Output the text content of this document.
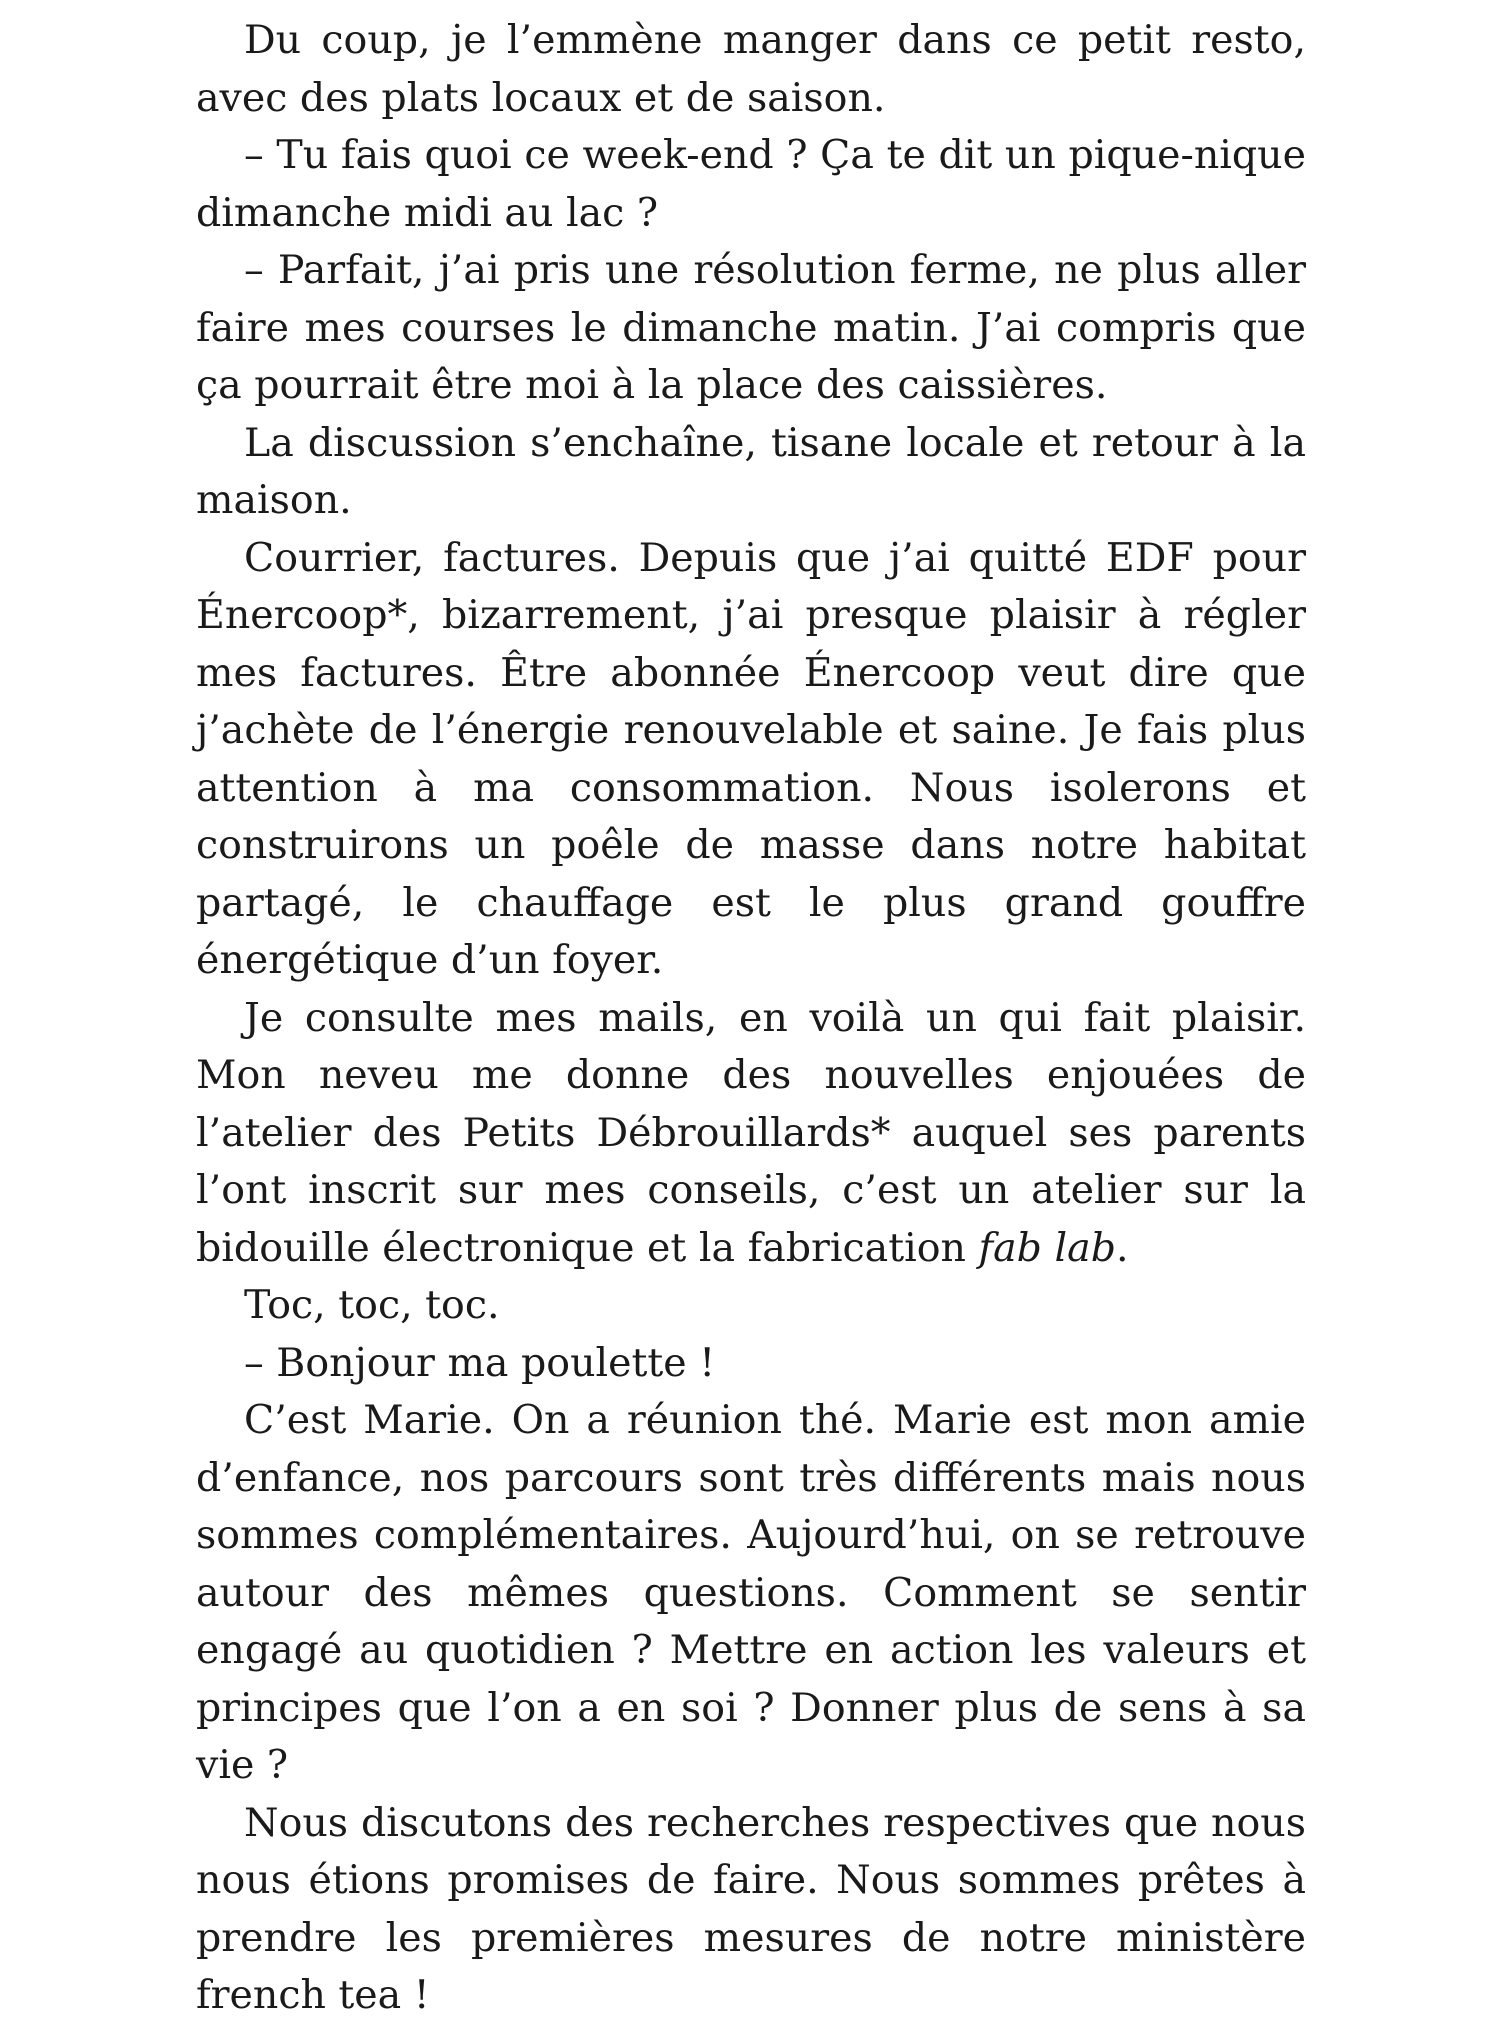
Du coup, je l’emmène manger dans ce petit resto, avec des plats locaux et de saison.

– Tu fais quoi ce week-end ? Ça te dit un pique-nique dimanche midi au lac ?

– Parfait, j’ai pris une résolution ferme, ne plus aller faire mes courses le dimanche matin. J’ai compris que ça pourrait être moi à la place des caissières.

La discussion s’enchaîne, tisane locale et retour à la maison.

Courrier, factures. Depuis que j’ai quitté EDF pour Énercoop*, bizarrement, j’ai presque plaisir à régler mes factures. Être abonnée Énercoop veut dire que j’achète de l’énergie renouvelable et saine. Je fais plus attention à ma consommation. Nous isolerons et construirons un poêle de masse dans notre habitat partagé, le chauffage est le plus grand gouffre énergétique d’un foyer.

Je consulte mes mails, en voilà un qui fait plaisir. Mon neveu me donne des nouvelles enjouées de l’atelier des Petits Débrouillards* auquel ses parents l’ont inscrit sur mes conseils, c’est un atelier sur la bidouille électronique et la fabrication fab lab.

Toc, toc, toc.

– Bonjour ma poulette !

C’est Marie. On a réunion thé. Marie est mon amie d’enfance, nos parcours sont très différents mais nous sommes complémentaires. Aujourd’hui, on se retrouve autour des mêmes questions. Comment se sentir engagé au quotidien ? Mettre en action les valeurs et principes que l’on a en soi ? Donner plus de sens à sa vie ?

Nous discutons des recherches respectives que nous nous étions promises de faire. Nous sommes prêtes à prendre les premières mesures de notre ministère french tea !
